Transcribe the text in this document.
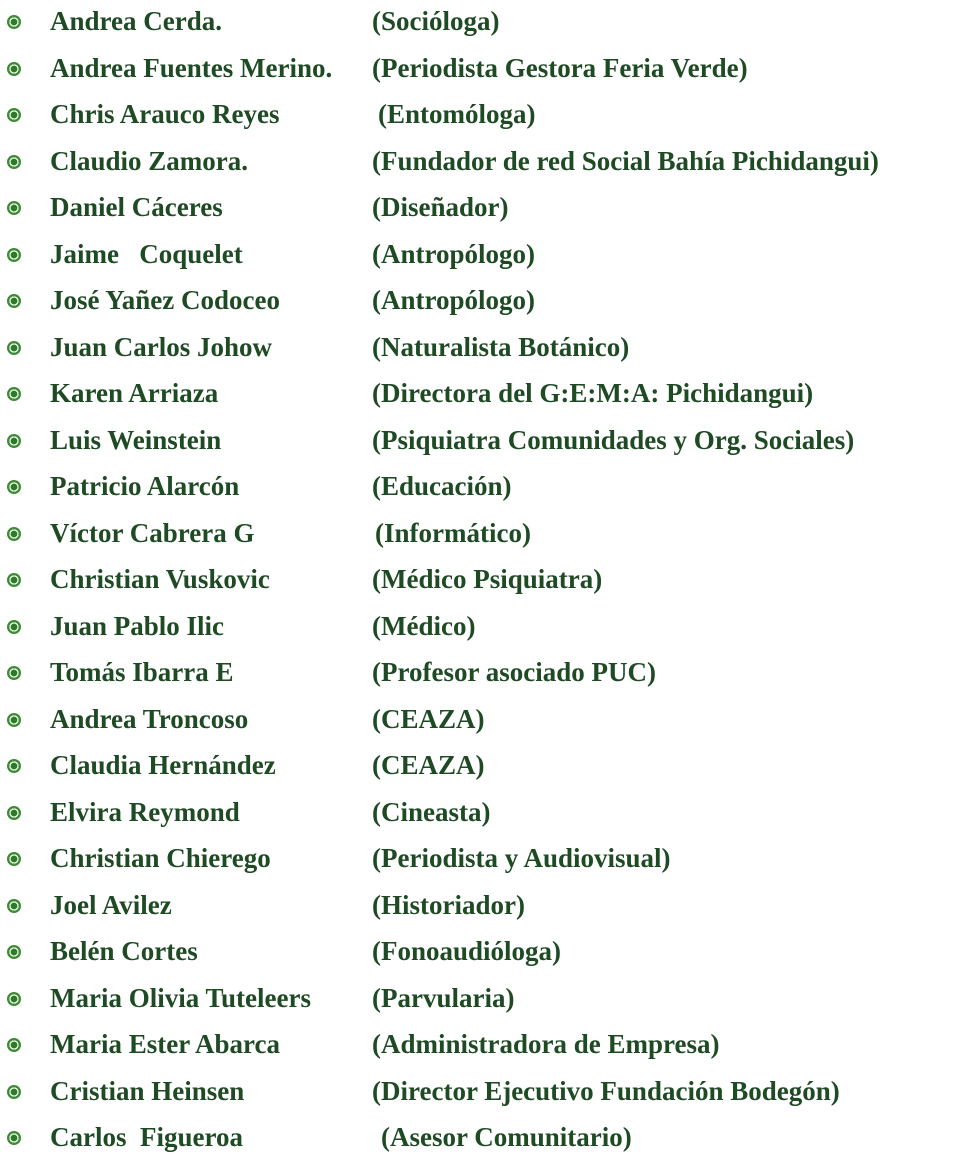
Andrea Cerda.	(Socióloga)
Andrea Fuentes Merino. (Periodista Gestora Feria Verde)
Chris Arauco Reyes	(Entomóloga)
Claudio Zamora.	(Fundador de red Social Bahía Pichidangui)
Daniel Cáceres	(Diseñador)
Jaime   Coquelet	(Antropólogo)
José Yañez Codoceo	(Antropólogo)
Juan Carlos Johow	(Naturalista Botánico)
Karen Arriaza	(Directora del G:E:M:A: Pichidangui)
Luis Weinstein	(Psiquiatra Comunidades y Org. Sociales)
Patricio Alarcón	(Educación)
Víctor Cabrera G	(Informático)
Christian Vuskovic	(Médico Psiquiatra)
Juan Pablo Ilic	(Médico)
Tomás Ibarra E	(Profesor asociado PUC)
Andrea Troncoso	(CEAZA)
Claudia Hernández	(CEAZA)
Elvira Reymond	(Cineasta)
Christian Chierego	(Periodista y Audiovisual)
Joel Avilez	(Historiador)
Belén Cortes	(Fonoaudióloga)
Maria Olivia Tuteleers (Parvularia)
Maria Ester Abarca	(Administradora de Empresa)
Cristian Heinsen	(Director Ejecutivo Fundación Bodegón)
Carlos  Figueroa	(Asesor Comunitario)
